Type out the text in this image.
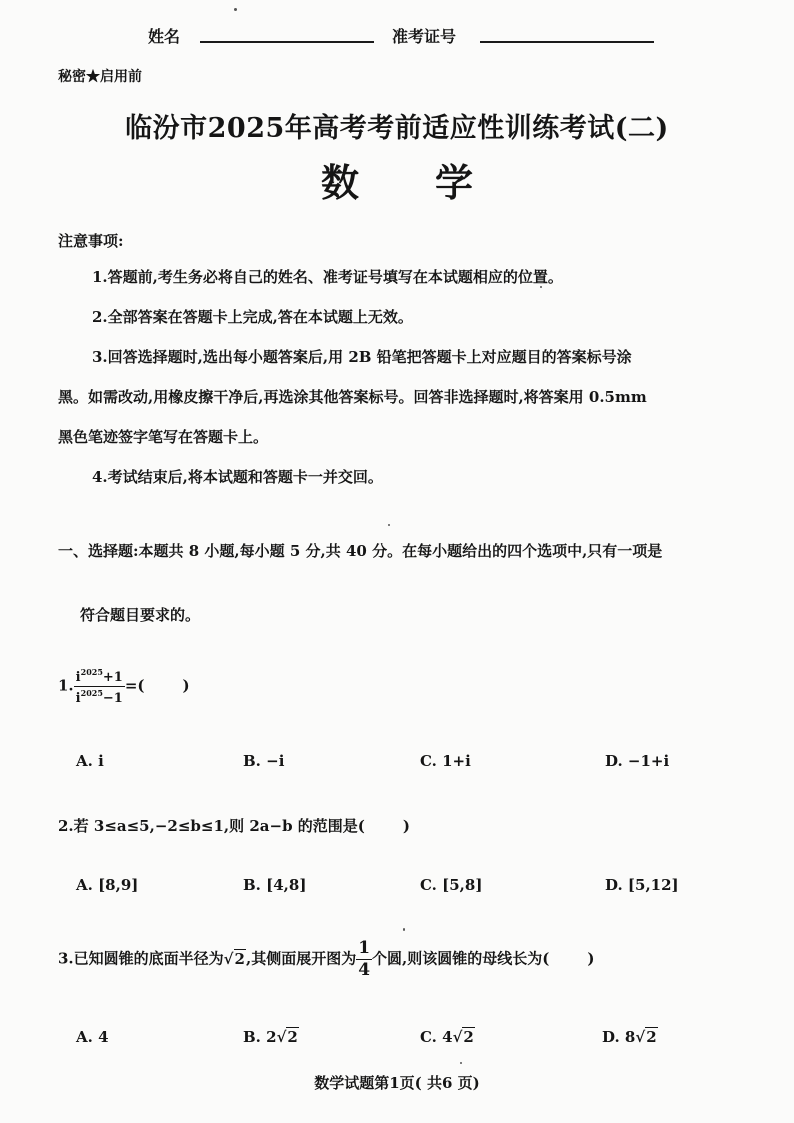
姓名	准考证号
秘密★启用前
临汾市2025年高考考前适应性训练考试(二)
数　　学
注意事项:
1.答题前,考生务必将自己的姓名、准考证号填写在本试题相应的位置。
2.全部答案在答题卡上完成,答在本试题上无效。
3.回答选择题时,选出每小题答案后,用 2B 铅笔把答题卡上对应题目的答案标号涂
黑。如需改动,用橡皮擦干净后,再选涂其他答案标号。回答非选择题时,将答案用 0.5mm
黑色笔迹签字笔写在答题卡上。
4.考试结束后,将本试题和答题卡一并交回。
一、选择题:本题共 8 小题,每小题 5 分,共 40 分。在每小题给出的四个选项中,只有一项是
符合题目要求的。
1. $\frac{i^{2025}+1}{i^{2025}-1}$ =(	)
A. i	B. −i	C. 1+i	D. −1+i
2.若 3≤a≤5,−2≤b≤1,则 2a−b 的范围是(	)
A. [8,9]	B. [4,8]	C. [5,8]	D. [5,12]
3.已知圆锥的底面半径为√2,其侧面展开图为 $\frac{1}{4}$ 个圆,则该圆锥的母线长为(	)
A. 4	B. 2√2	C. 4√2	D. 8√2
数学试题第1页( 共6 页)
